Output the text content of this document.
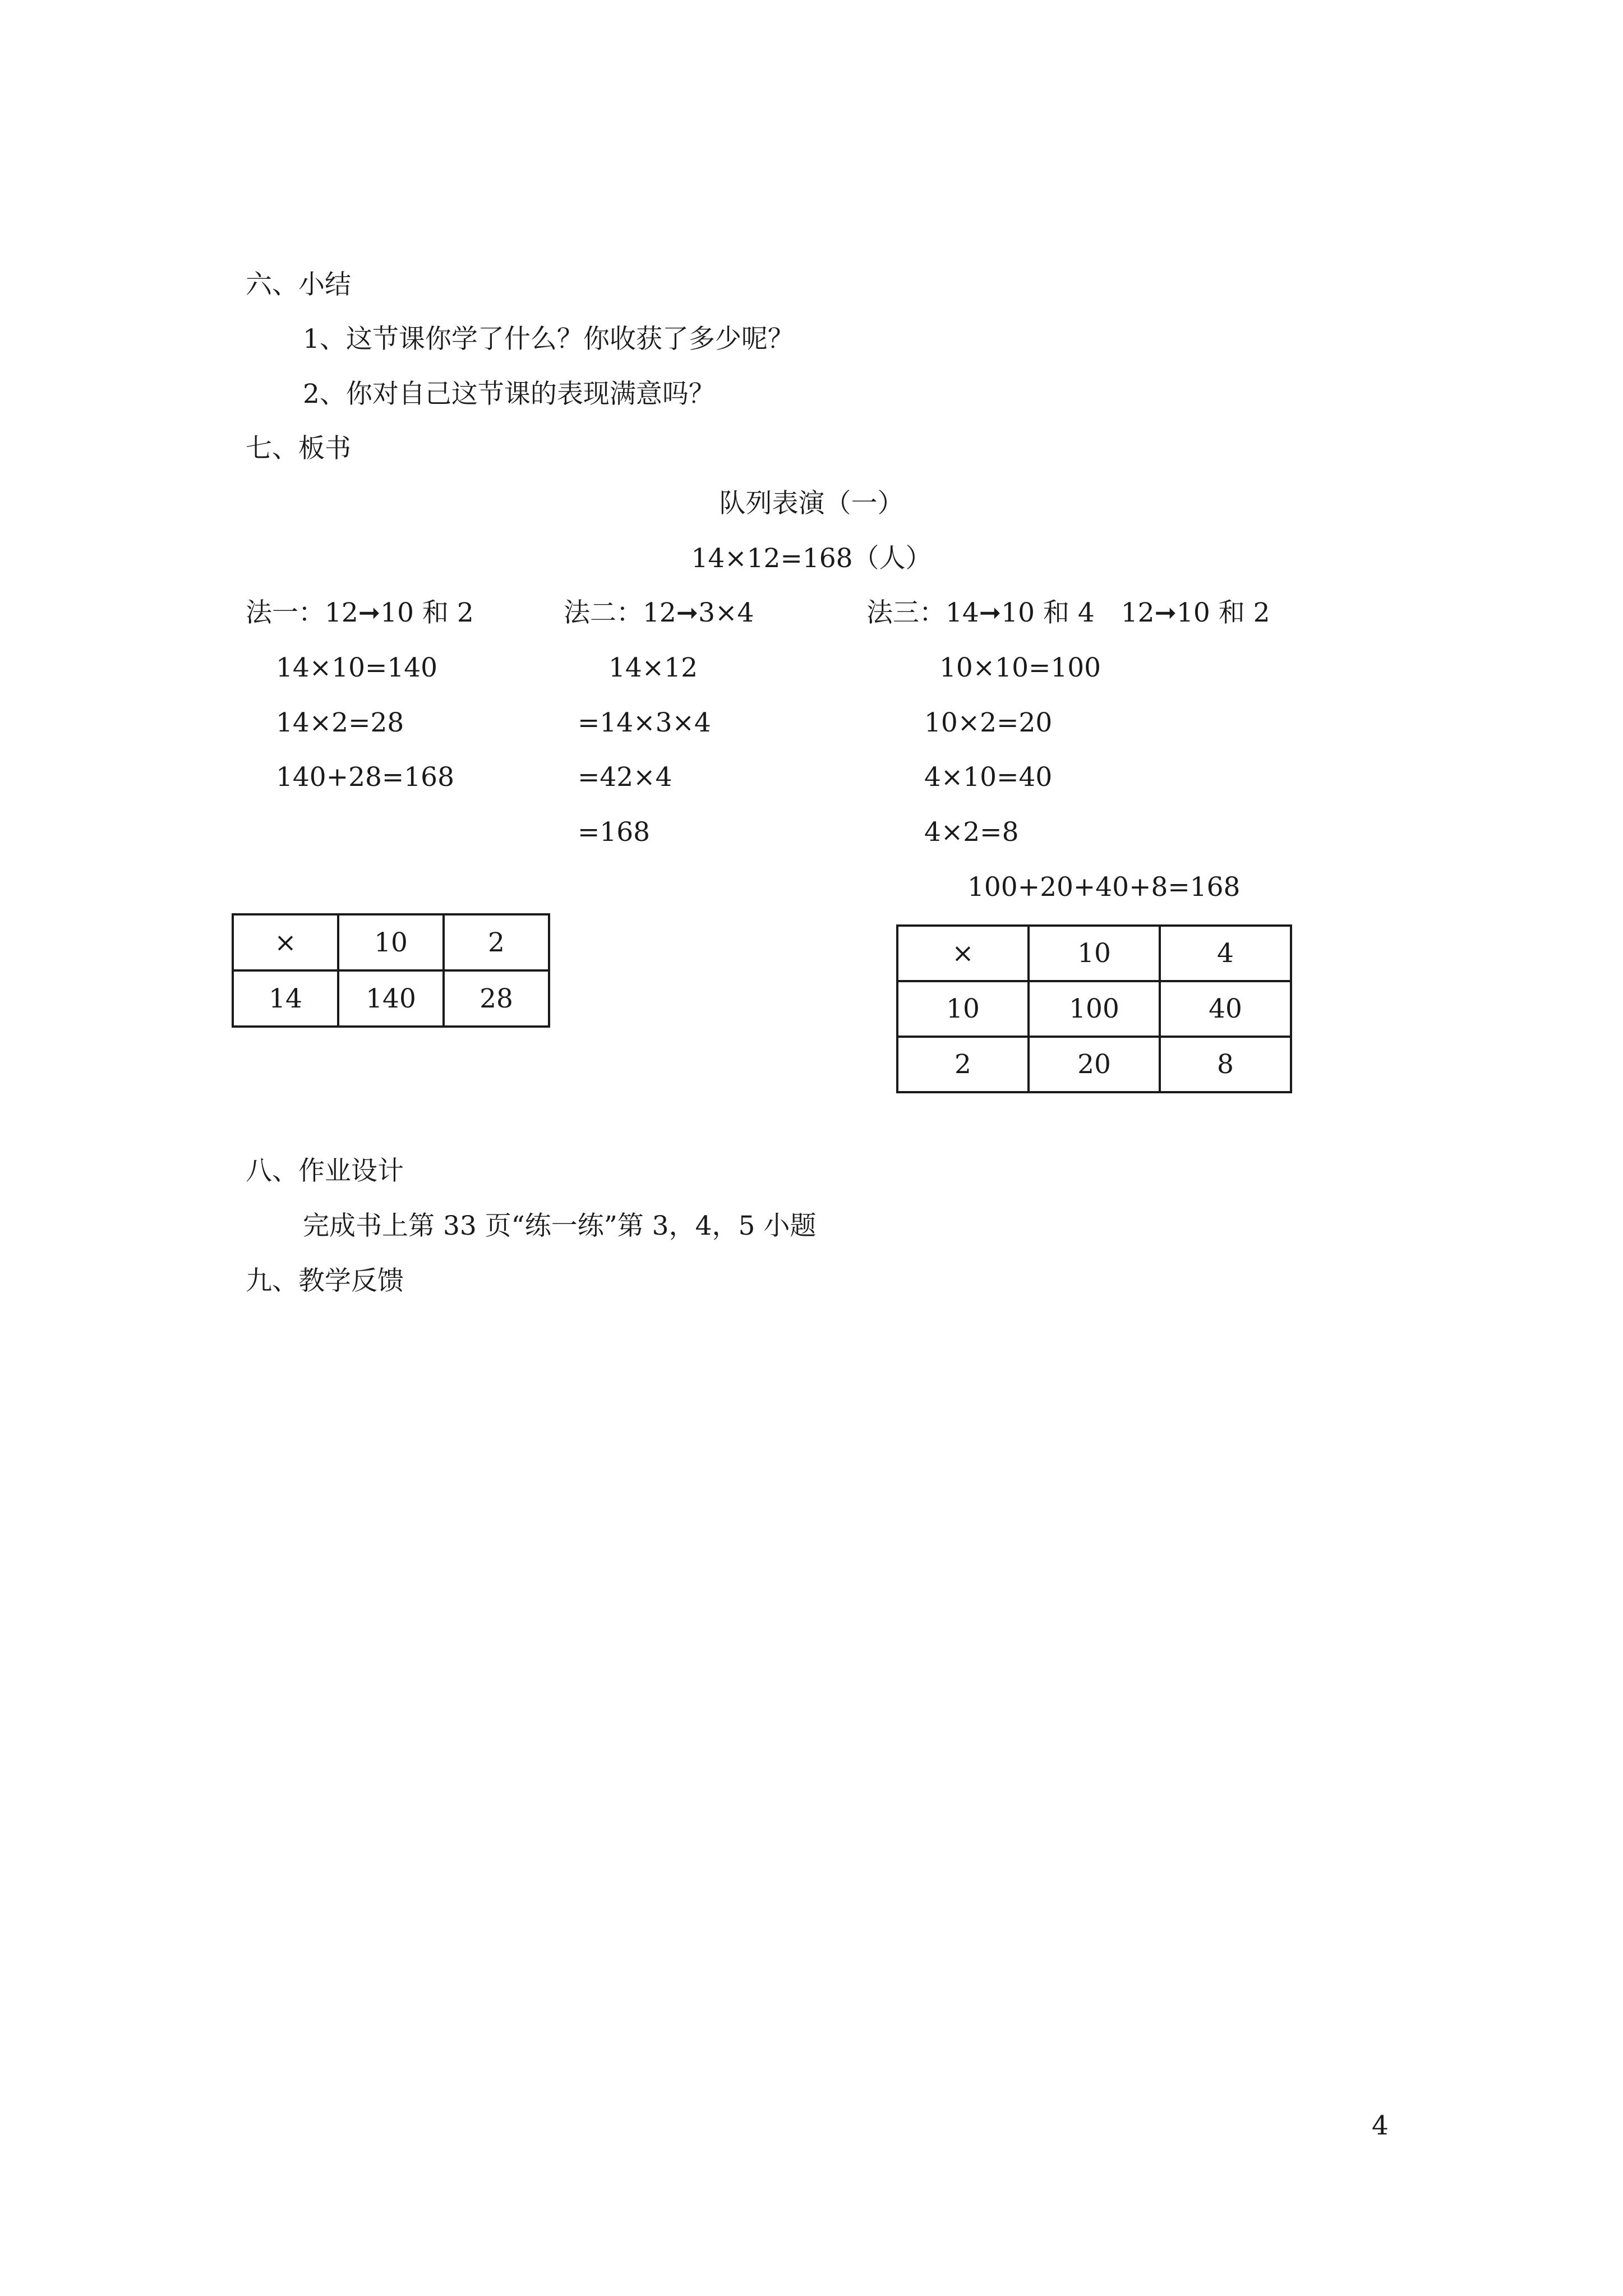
六、小结
1、这节课你学了什么？你收获了多少呢？
2、你对自己这节课的表现满意吗？
七、板书
队列表演（一）
14×12=168（人）
法一：12➞10 和 2
14×10=140
14×2=28
140+28=168
法二：12➞3×4
14×12
=14×3×4
=42×4
=168
法三：14➞10 和 4　12➞10 和 2
10×10=100
10×2=20
4×10=40
4×2=8
100+20+40+8=168
×	10	2
14	140	28
×	10	4
10	100	40
2	20	8
八、作业设计
完成书上第 33 页“练一练”第 3，4，5 小题
九、教学反馈
4
